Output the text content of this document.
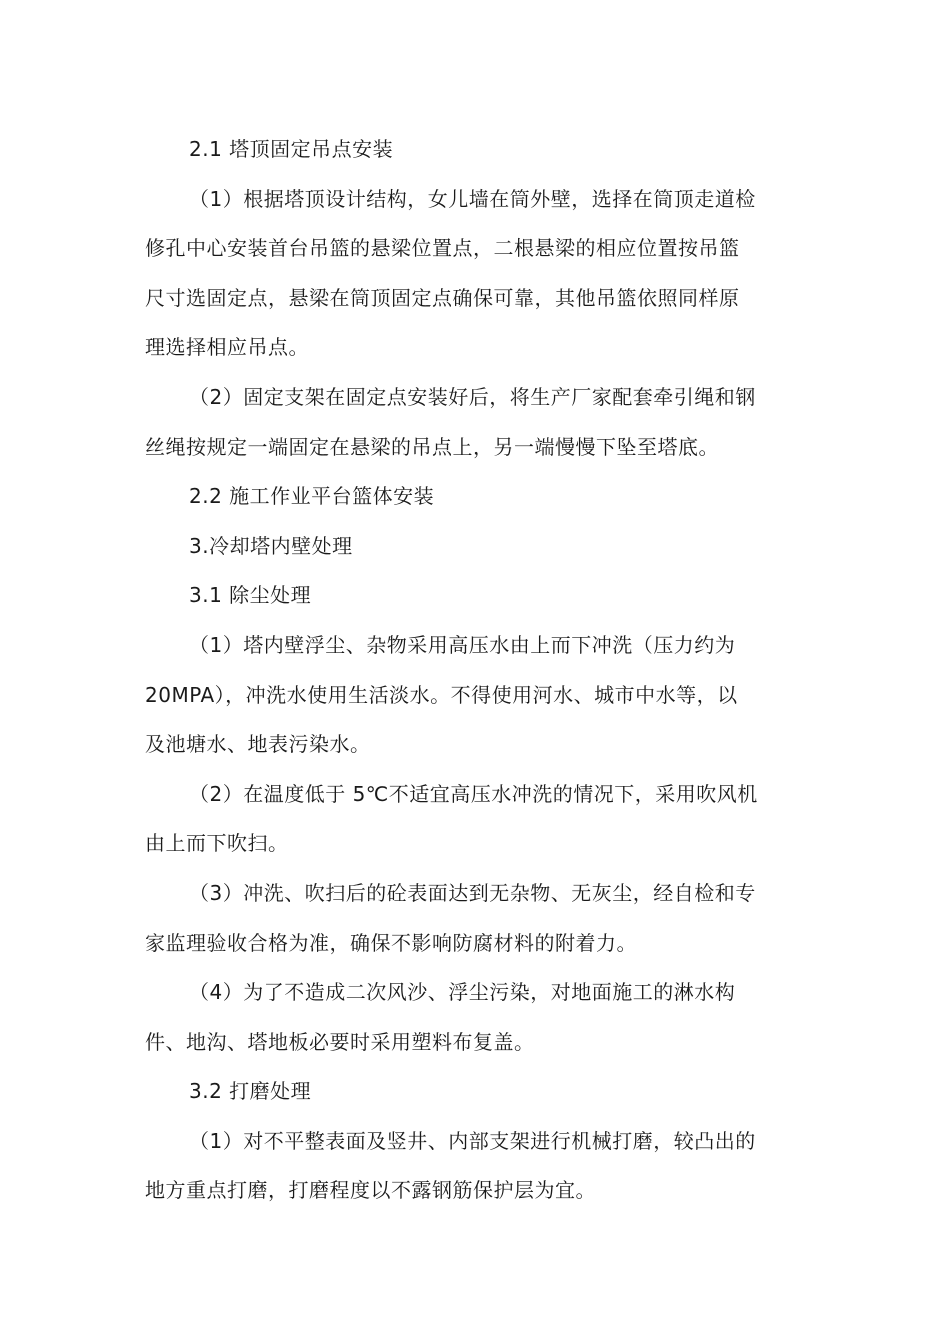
2.1 塔顶固定吊点安装
（1）根据塔顶设计结构，女儿墙在筒外壁，选择在筒顶走道检
修孔中心安装首台吊篮的悬梁位置点，二根悬梁的相应位置按吊篮
尺寸选固定点，悬梁在筒顶固定点确保可靠，其他吊篮依照同样原
理选择相应吊点。
（2）固定支架在固定点安装好后，将生产厂家配套牵引绳和钢
丝绳按规定一端固定在悬梁的吊点上，另一端慢慢下坠至塔底。
2.2 施工作业平台篮体安装
3.冷却塔内壁处理
3.1 除尘处理
（1）塔内壁浮尘、杂物采用高压水由上而下冲洗（压力约为
20MPA），冲洗水使用生活淡水。不得使用河水、城市中水等，以
及池塘水、地表污染水。
（2）在温度低于 5℃不适宜高压水冲洗的情况下，采用吹风机
由上而下吹扫。
（3）冲洗、吹扫后的砼表面达到无杂物、无灰尘，经自检和专
家监理验收合格为准，确保不影响防腐材料的附着力。
（4）为了不造成二次风沙、浮尘污染，对地面施工的淋水构
件、地沟、塔地板必要时采用塑料布复盖。
3.2 打磨处理
（1）对不平整表面及竖井、内部支架进行机械打磨，较凸出的
地方重点打磨，打磨程度以不露钢筋保护层为宜。
